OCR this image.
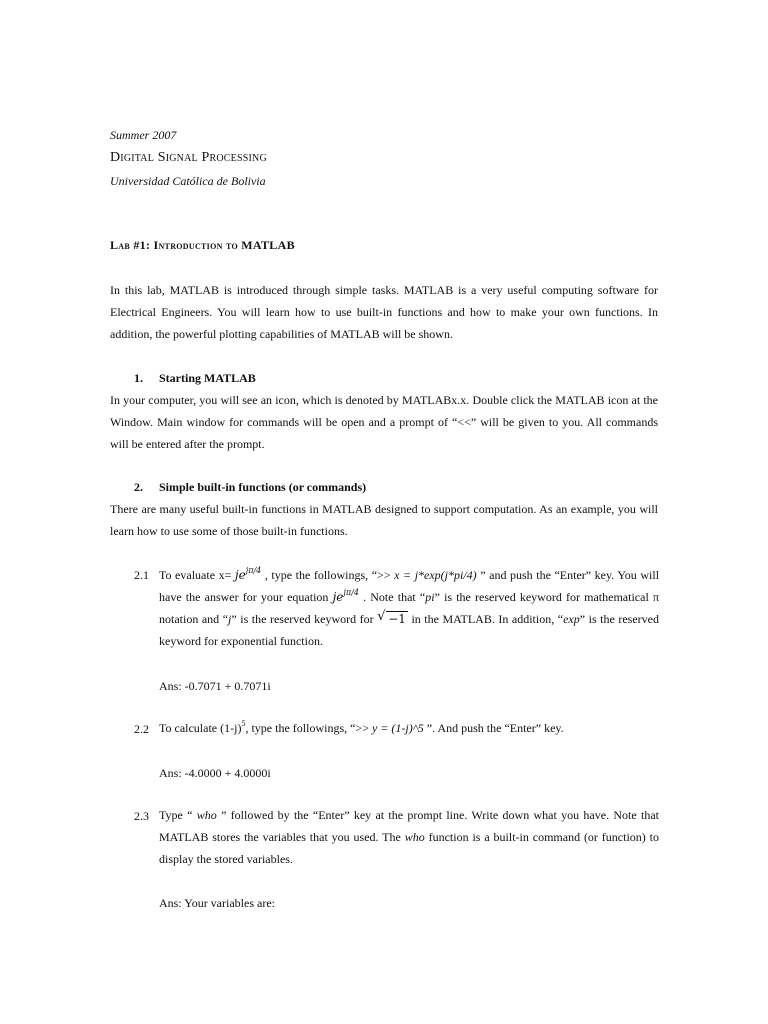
Summer 2007
Digital Signal Processing
Universidad Católica de Bolivia
Lab #1: Introduction to MATLAB
In this lab, MATLAB is introduced through simple tasks. MATLAB is a very useful computing software for Electrical Engineers. You will learn how to use built-in functions and how to make your own functions. In addition, the powerful plotting capabilities of MATLAB will be shown.
1. Starting MATLAB
In your computer, you will see an icon, which is denoted by MATLABx.x. Double click the MATLAB icon at the Window. Main window for commands will be open and a prompt of “<<” will be given to you. All commands will be entered after the prompt.
2. Simple built-in functions (or commands)
There are many useful built-in functions in MATLAB designed to support computation. As an example, you will learn how to use some of those built-in functions.
2.1 To evaluate $x= je^{j\pi/4}$ , type the followings, “>> x = j*exp(j*pi/4) ” and push the “Enter” key. You will have the answer for your equation $je^{j\pi/4}$ . Note that “pi” is the reserved keyword for mathematical π notation and “j” is the reserved keyword for √ −1 in the MATLAB. In addition, “exp” is the reserved keyword for exponential function.
Ans: -0.7071 + 0.7071i
2.2 To calculate $(1-j)^5$, type the followings, “>> y = (1-j)^5 ”. And push the “Enter” key.
Ans: -4.0000 + 4.0000i
2.3 Type “ who ” followed by the “Enter” key at the prompt line. Write down what you have. Note that MATLAB stores the variables that you used. The who function is a built-in command (or function) to display the stored variables.
Ans: Your variables are:
